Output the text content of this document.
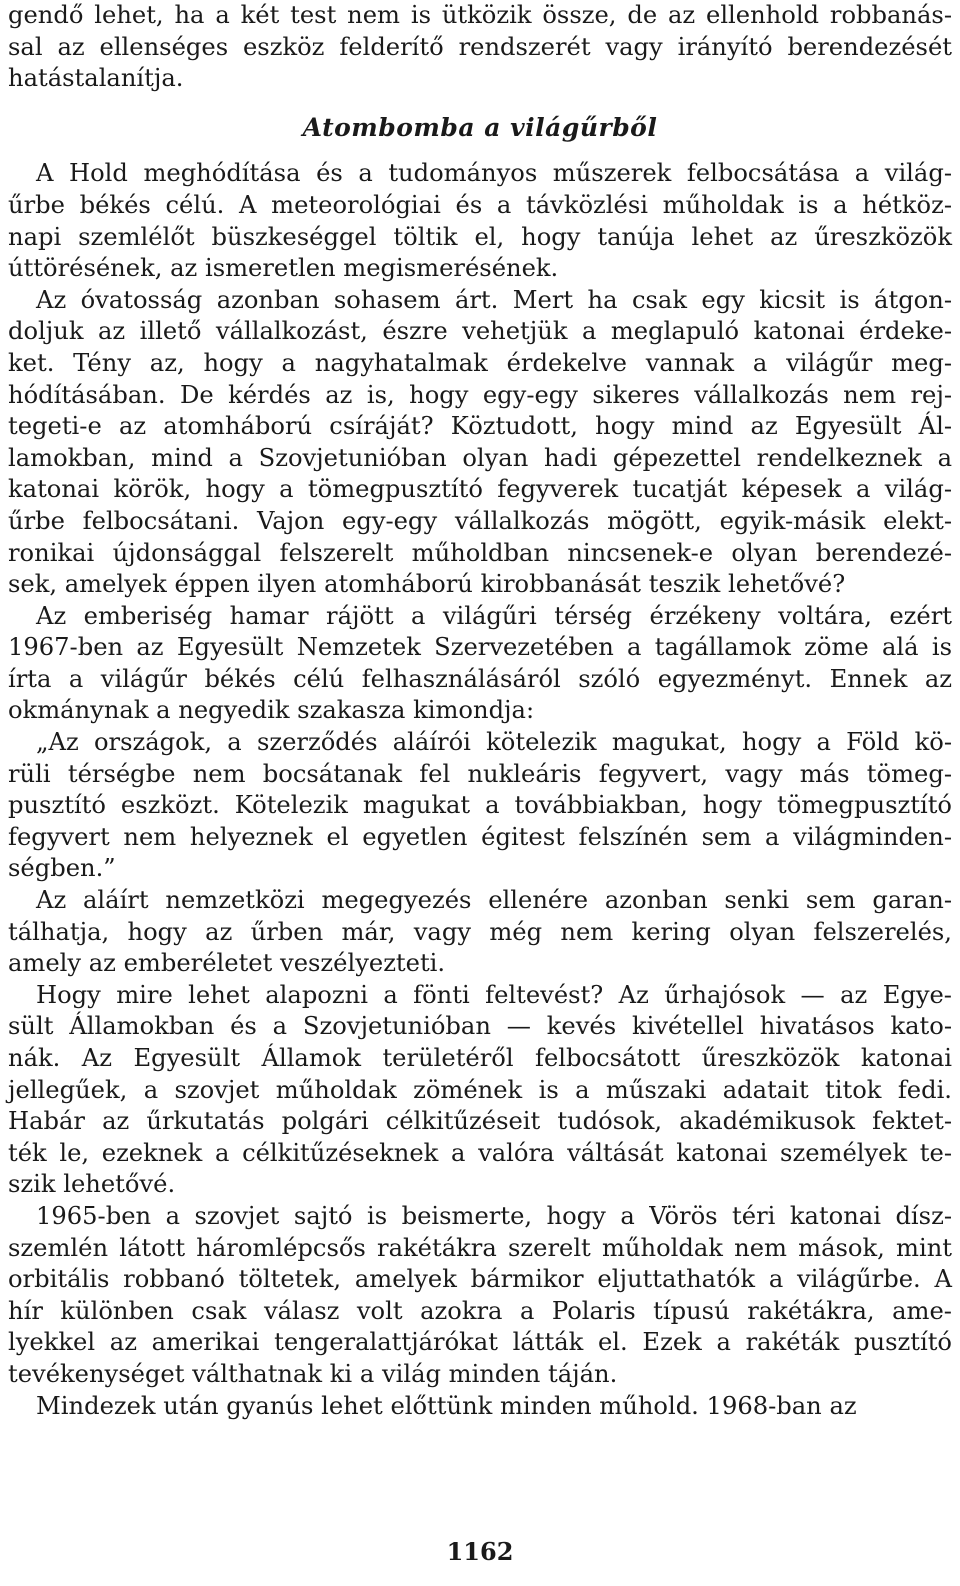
gendő lehet, ha a két test nem is ütközik össze, de az ellenhold robbanás-
sal az ellenséges eszköz felderítő rendszerét vagy irányító berendezését
hatástalanítja.
Atombomba a világűrből
A Hold meghódítása és a tudományos műszerek felbocsátása a világ-
űrbe békés célú. A meteorológiai és a távközlési műholdak is a hétköz-
napi szemlélőt büszkeséggel töltik el, hogy tanúja lehet az űreszközök
úttörésének, az ismeretlen megismerésének.
Az óvatosság azonban sohasem árt. Mert ha csak egy kicsit is átgon-
doljuk az illető vállalkozást, észre vehetjük a meglapuló katonai érdeke-
ket. Tény az, hogy a nagyhatalmak érdekelve vannak a világűr meg-
hódításában. De kérdés az is, hogy egy-egy sikeres vállalkozás nem rej-
tegeti-e az atomháború csíráját? Köztudott, hogy mind az Egyesült Ál-
lamokban, mind a Szovjetunióban olyan hadi gépezettel rendelkeznek a
katonai körök, hogy a tömegpusztító fegyverek tucatját képesek a világ-
űrbe felbocsátani. Vajon egy-egy vállalkozás mögött, egyik-másik elekt-
ronikai újdonsággal felszerelt műholdban nincsenek-e olyan berendezé-
sek, amelyek éppen ilyen atomháború kirobbanását teszik lehetővé?
Az emberiség hamar rájött a világűri térség érzékeny voltára, ezért
1967-ben az Egyesült Nemzetek Szervezetében a tagállamok zöme alá is
írta a világűr békés célú felhasználásáról szóló egyezményt. Ennek az
okmánynak a negyedik szakasza kimondja:
„Az országok, a szerződés aláírói kötelezik magukat, hogy a Föld kö-
rüli térségbe nem bocsátanak fel nukleáris fegyvert, vagy más tömeg-
pusztító eszközt. Kötelezik magukat a továbbiakban, hogy tömegpusztító
fegyvert nem helyeznek el egyetlen égitest felszínén sem a világminden-
ségben.”
Az aláírt nemzetközi megegyezés ellenére azonban senki sem garan-
tálhatja, hogy az űrben már, vagy még nem kering olyan felszerelés,
amely az emberéletet veszélyezteti.
Hogy mire lehet alapozni a fönti feltevést? Az űrhajósok — az Egye-
sült Államokban és a Szovjetunióban — kevés kivétellel hivatásos kato-
nák. Az Egyesült Államok területéről felbocsátott űreszközök katonai
jellegűek, a szovjet műholdak zömének is a műszaki adatait titok fedi.
Habár az űrkutatás polgári célkitűzéseit tudósok, akadémikusok fektet-
ték le, ezeknek a célkitűzéseknek a valóra váltását katonai személyek te-
szik lehetővé.
1965-ben a szovjet sajtó is beismerte, hogy a Vörös téri katonai dísz-
szemlén látott háromlépcsős rakétákra szerelt műholdak nem mások, mint
orbitális robbanó töltetek, amelyek bármikor eljuttathatók a világűrbe. A
hír különben csak válasz volt azokra a Polaris típusú rakétákra, ame-
lyekkel az amerikai tengeralattjárókat látták el. Ezek a rakéták pusztító
tevékenységet válthatnak ki a világ minden táján.
Mindezek után gyanús lehet előttünk minden műhold. 1968-ban az
1162
